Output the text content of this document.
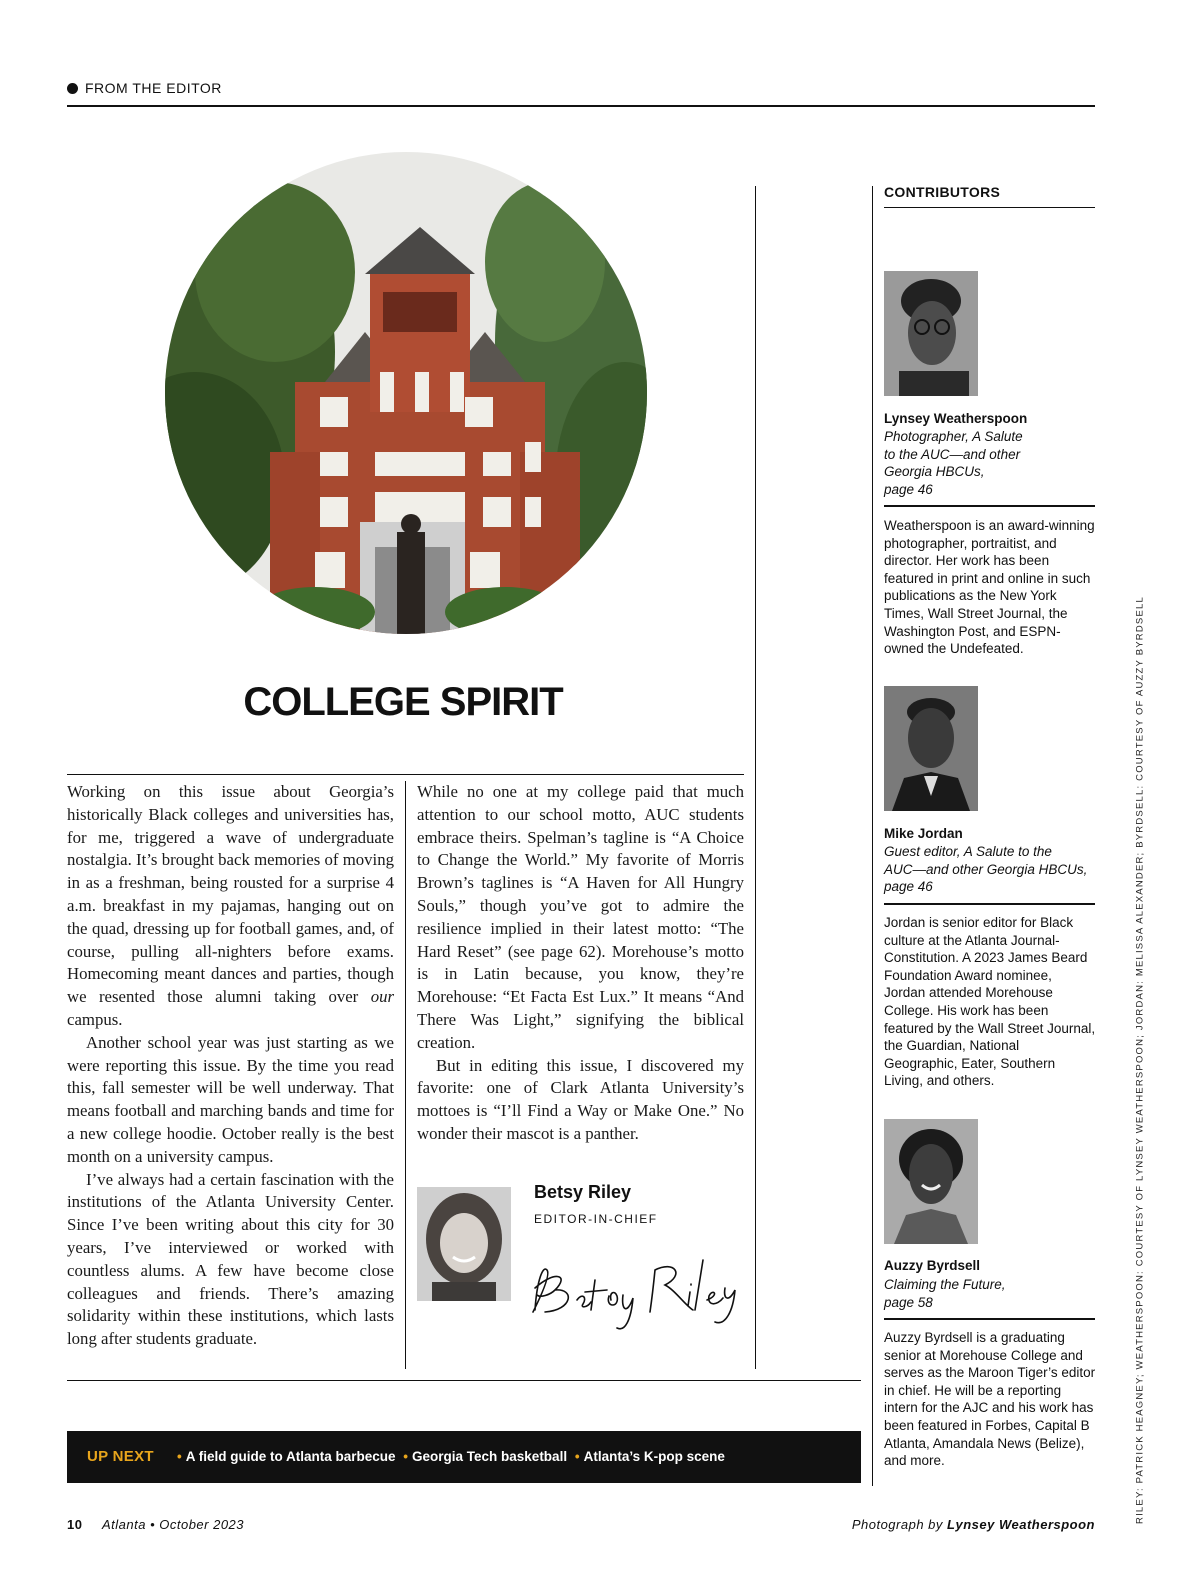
FROM THE EDITOR
COLLEGE SPIRIT

Working on this issue about Georgia’s historically Black colleges and universities has, for me, triggered a wave of undergraduate nostalgia. It’s brought back memories of moving in as a freshman, being rousted for a surprise 4 a.m. breakfast in my pajamas, hanging out on the quad, dressing up for football games, and, of course, pulling all-nighters before exams. Homecoming meant dances and parties, though we resented those alumni taking over our campus.

Another school year was just starting as we were reporting this issue. By the time you read this, fall semester will be well underway. That means football and marching bands and time for a new college hoodie. October really is the best month on a university campus.

I’ve always had a certain fascination with the institutions of the Atlanta University Center. Since I’ve been writing about this city for 30 years, I’ve interviewed or worked with countless alums. A few have become close colleagues and friends. There’s amazing solidarity within these institutions, which lasts long after students graduate.

While no one at my college paid that much attention to our school motto, AUC students embrace theirs. Spelman’s tagline is “A Choice to Change the World.” My favorite of Morris Brown’s taglines is “A Haven for All Hungry Souls,” though you’ve got to admire the resilience implied in their latest motto: “The Hard Reset” (see page 62). Morehouse’s motto is in Latin because, you know, they’re Morehouse: “Et Facta Est Lux.” It means “And There Was Light,” signifying the biblical creation.

But in editing this issue, I discovered my favorite: one of Clark Atlanta University’s mottoes is “I’ll Find a Way or Make One.” No wonder their mascot is a panther.

Betsy Riley
EDITOR-IN-CHIEF
UP NEXT • A field guide to Atlanta barbecue • Georgia Tech basketball • Atlanta’s K-pop scene
10 Atlanta • October 2023	Photograph by Lynsey Weatherspoon
CONTRIBUTORS
Lynsey Weatherspoon
Photographer, A Salute
to the AUC—and other
Georgia HBCUs,
page 46
Weatherspoon is an award-winning photographer, portraitist, and director. Her work has been featured in print and online in such publications as the New York Times, Wall Street Journal, the Washington Post, and ESPN-owned the Undefeated.
Mike Jordan
Guest editor, A Salute to the
AUC—and other Georgia HBCUs,
page 46
Jordan is senior editor for Black culture at the Atlanta Journal-Constitution. A 2023 James Beard Foundation Award nominee, Jordan attended Morehouse College. His work has been featured by the Wall Street Journal, the Guardian, National Geographic, Eater, Southern Living, and others.
Auzzy Byrdsell
Claiming the Future,
page 58
Auzzy Byrdsell is a graduating senior at Morehouse College and serves as the Maroon Tiger’s editor in chief. He will be a reporting intern for the AJC and his work has been featured in Forbes, Capital B Atlanta, Amandala News (Belize), and more.	RILEY: PATRICK HEAGNEY; WEATHERSPOON: COURTESY OF LYNSEY WEATHERSPOON; JORDAN: MELISSA ALEXANDER; BYRDSELL: COURTESY OF AUZZY BYRDSELL
